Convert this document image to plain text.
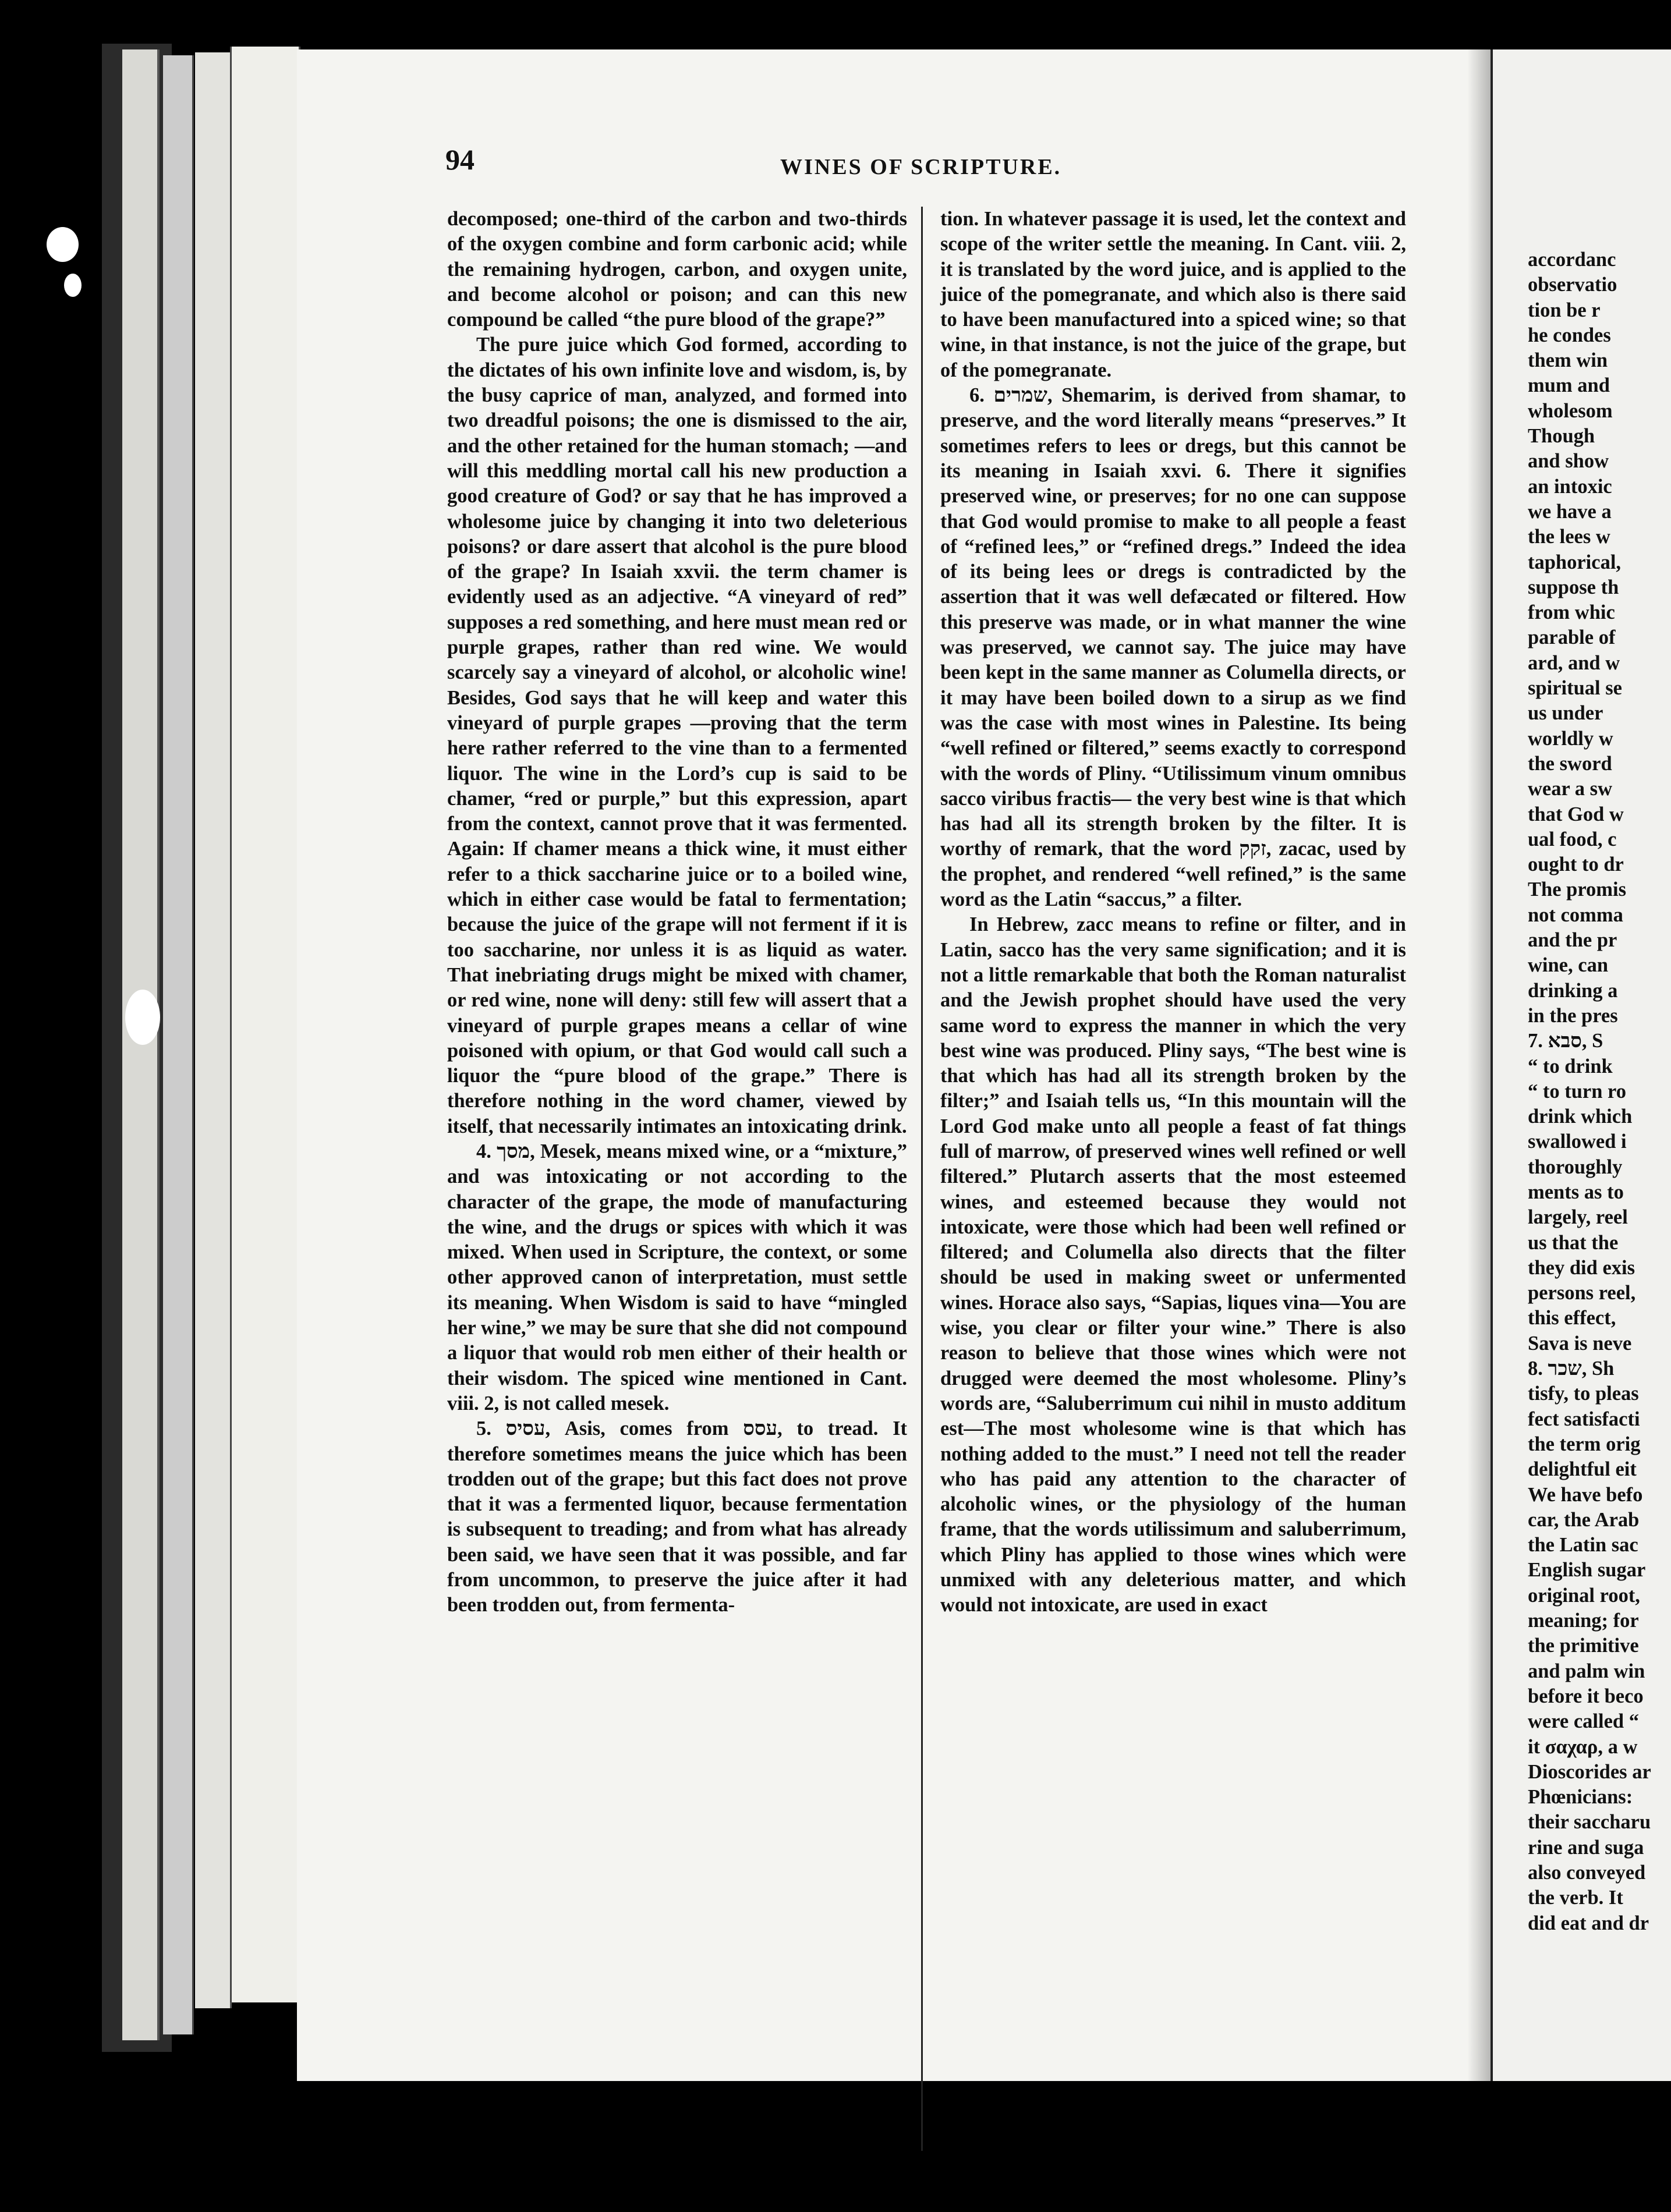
94	WINES OF SCRIPTURE.

decomposed; one-third of the carbon and two-thirds of the oxygen combine and form carbonic acid; while the remaining hydrogen, carbon, and oxygen unite, and become alcohol or poison; and can this new compound be called “the pure blood of the grape?”

The pure juice which God formed, according to the dictates of his own infinite love and wisdom, is, by the busy caprice of man, analyzed, and formed into two dreadful poisons; the one is dismissed to the air, and the other retained for the human stomach; —and will this meddling mortal call his new production a good creature of God? or say that he has improved a wholesome juice by changing it into two deleterious poisons? or dare assert that alcohol is the pure blood of the grape? In Isaiah xxvii. the term chamer is evidently used as an adjective. “A vineyard of red” supposes a red something, and here must mean red or purple grapes, rather than red wine. We would scarcely say a vineyard of alcohol, or alcoholic wine! Besides, God says that he will keep and water this vineyard of purple grapes —proving that the term here rather referred to the vine than to a fermented liquor. The wine in the Lord’s cup is said to be chamer, “red or purple,” but this expression, apart from the context, cannot prove that it was fermented. Again: If chamer means a thick wine, it must either refer to a thick saccharine juice or to a boiled wine, which in either case would be fatal to fermentation; because the juice of the grape will not ferment if it is too saccharine, nor unless it is as liquid as water. That inebriating drugs might be mixed with chamer, or red wine, none will deny: still few will assert that a vineyard of purple grapes means a cellar of wine poisoned with opium, or that God would call such a liquor the “pure blood of the grape.” There is therefore nothing in the word chamer, viewed by itself, that necessarily intimates an intoxicating drink.

4. מסך, Mesek, means mixed wine, or a “mixture,” and was intoxicating or not according to the character of the grape, the mode of manufacturing the wine, and the drugs or spices with which it was mixed. When used in Scripture, the context, or some other approved canon of interpretation, must settle its meaning. When Wisdom is said to have “mingled her wine,” we may be sure that she did not compound a liquor that would rob men either of their health or their wisdom. The spiced wine mentioned in Cant. viii. 2, is not called mesek.

5. עסיס, Asis, comes from עסס, to tread. It therefore sometimes means the juice which has been trodden out of the grape; but this fact does not prove that it was a fermented liquor, because fermentation is subsequent to treading; and from what has already been said, we have seen that it was possible, and far from uncommon, to preserve the juice after it had been trodden out, from fermenta-

tion. In whatever passage it is used, let the context and scope of the writer settle the meaning. In Cant. viii. 2, it is translated by the word juice, and is applied to the juice of the pomegranate, and which also is there said to have been manufactured into a spiced wine; so that wine, in that instance, is not the juice of the grape, but of the pomegranate.

6. שמרים, Shemarim, is derived from shamar, to preserve, and the word literally means “preserves.” It sometimes refers to lees or dregs, but this cannot be its meaning in Isaiah xxvi. 6. There it signifies preserved wine, or preserves; for no one can suppose that God would promise to make to all people a feast of “refined lees,” or “refined dregs.” Indeed the idea of its being lees or dregs is contradicted by the assertion that it was well defæcated or filtered. How this preserve was made, or in what manner the wine was preserved, we cannot say. The juice may have been kept in the same manner as Columella directs, or it may have been boiled down to a sirup as we find was the case with most wines in Palestine. Its being “well refined or filtered,” seems exactly to correspond with the words of Pliny. “Utilissimum vinum omnibus sacco viribus fractis— the very best wine is that which has had all its strength broken by the filter. It is worthy of remark, that the word זקק, zacac, used by the prophet, and rendered “well refined,” is the same word as the Latin “saccus,” a filter.

In Hebrew, zacc means to refine or filter, and in Latin, sacco has the very same signification; and it is not a little remarkable that both the Roman naturalist and the Jewish prophet should have used the very same word to express the manner in which the very best wine was produced. Pliny says, “The best wine is that which has had all its strength broken by the filter;” and Isaiah tells us, “In this mountain will the Lord God make unto all people a feast of fat things full of marrow, of preserved wines well refined or well filtered.” Plutarch asserts that the most esteemed wines, and esteemed because they would not intoxicate, were those which had been well refined or filtered; and Columella also directs that the filter should be used in making sweet or unfermented wines. Horace also says, “Sapias, liques vina—You are wise, you clear or filter your wine.” There is also reason to believe that those wines which were not drugged were deemed the most wholesome. Pliny’s words are, “Saluberrimum cui nihil in musto additum est—The most wholesome wine is that which has nothing added to the must.” I need not tell the reader who has paid any attention to the character of alcoholic wines, or the physiology of the human frame, that the words utilissimum and saluberrimum, which Pliny has applied to those wines which were unmixed with any deleterious matter, and which would not intoxicate, are used in exact

accordanc
observatio
tion be r
he condes
them win
mum and
wholesom
Though
and show
an intoxic
we have a
the lees w
taphorical,
suppose th
from whic
parable of
ard, and w
spiritual se
us under
worldly w
the sword
wear a sw
that God w
ual food, c
ought to dr
The promis
not comma
and the pr
wine, can
drinking a
in the pres
7. סבא, S
“ to drink
“ to turn ro
drink which
swallowed i
thoroughly
ments as to
largely, reel
us that the
they did exis
persons reel,
this effect,
Sava is neve
8. שכר, Sh
tisfy, to pleas
fect satisfacti
the term orig
delightful eit
We have befo
car, the Arab
the Latin sac
English sugar
original root,
meaning; for
the primitive
and palm win
before it beco
were called “
it σαχαρ, a w
Dioscorides ar
Phœnicians:
their saccharu
rine and suga
also conveyed
the verb. It
did eat and dr
